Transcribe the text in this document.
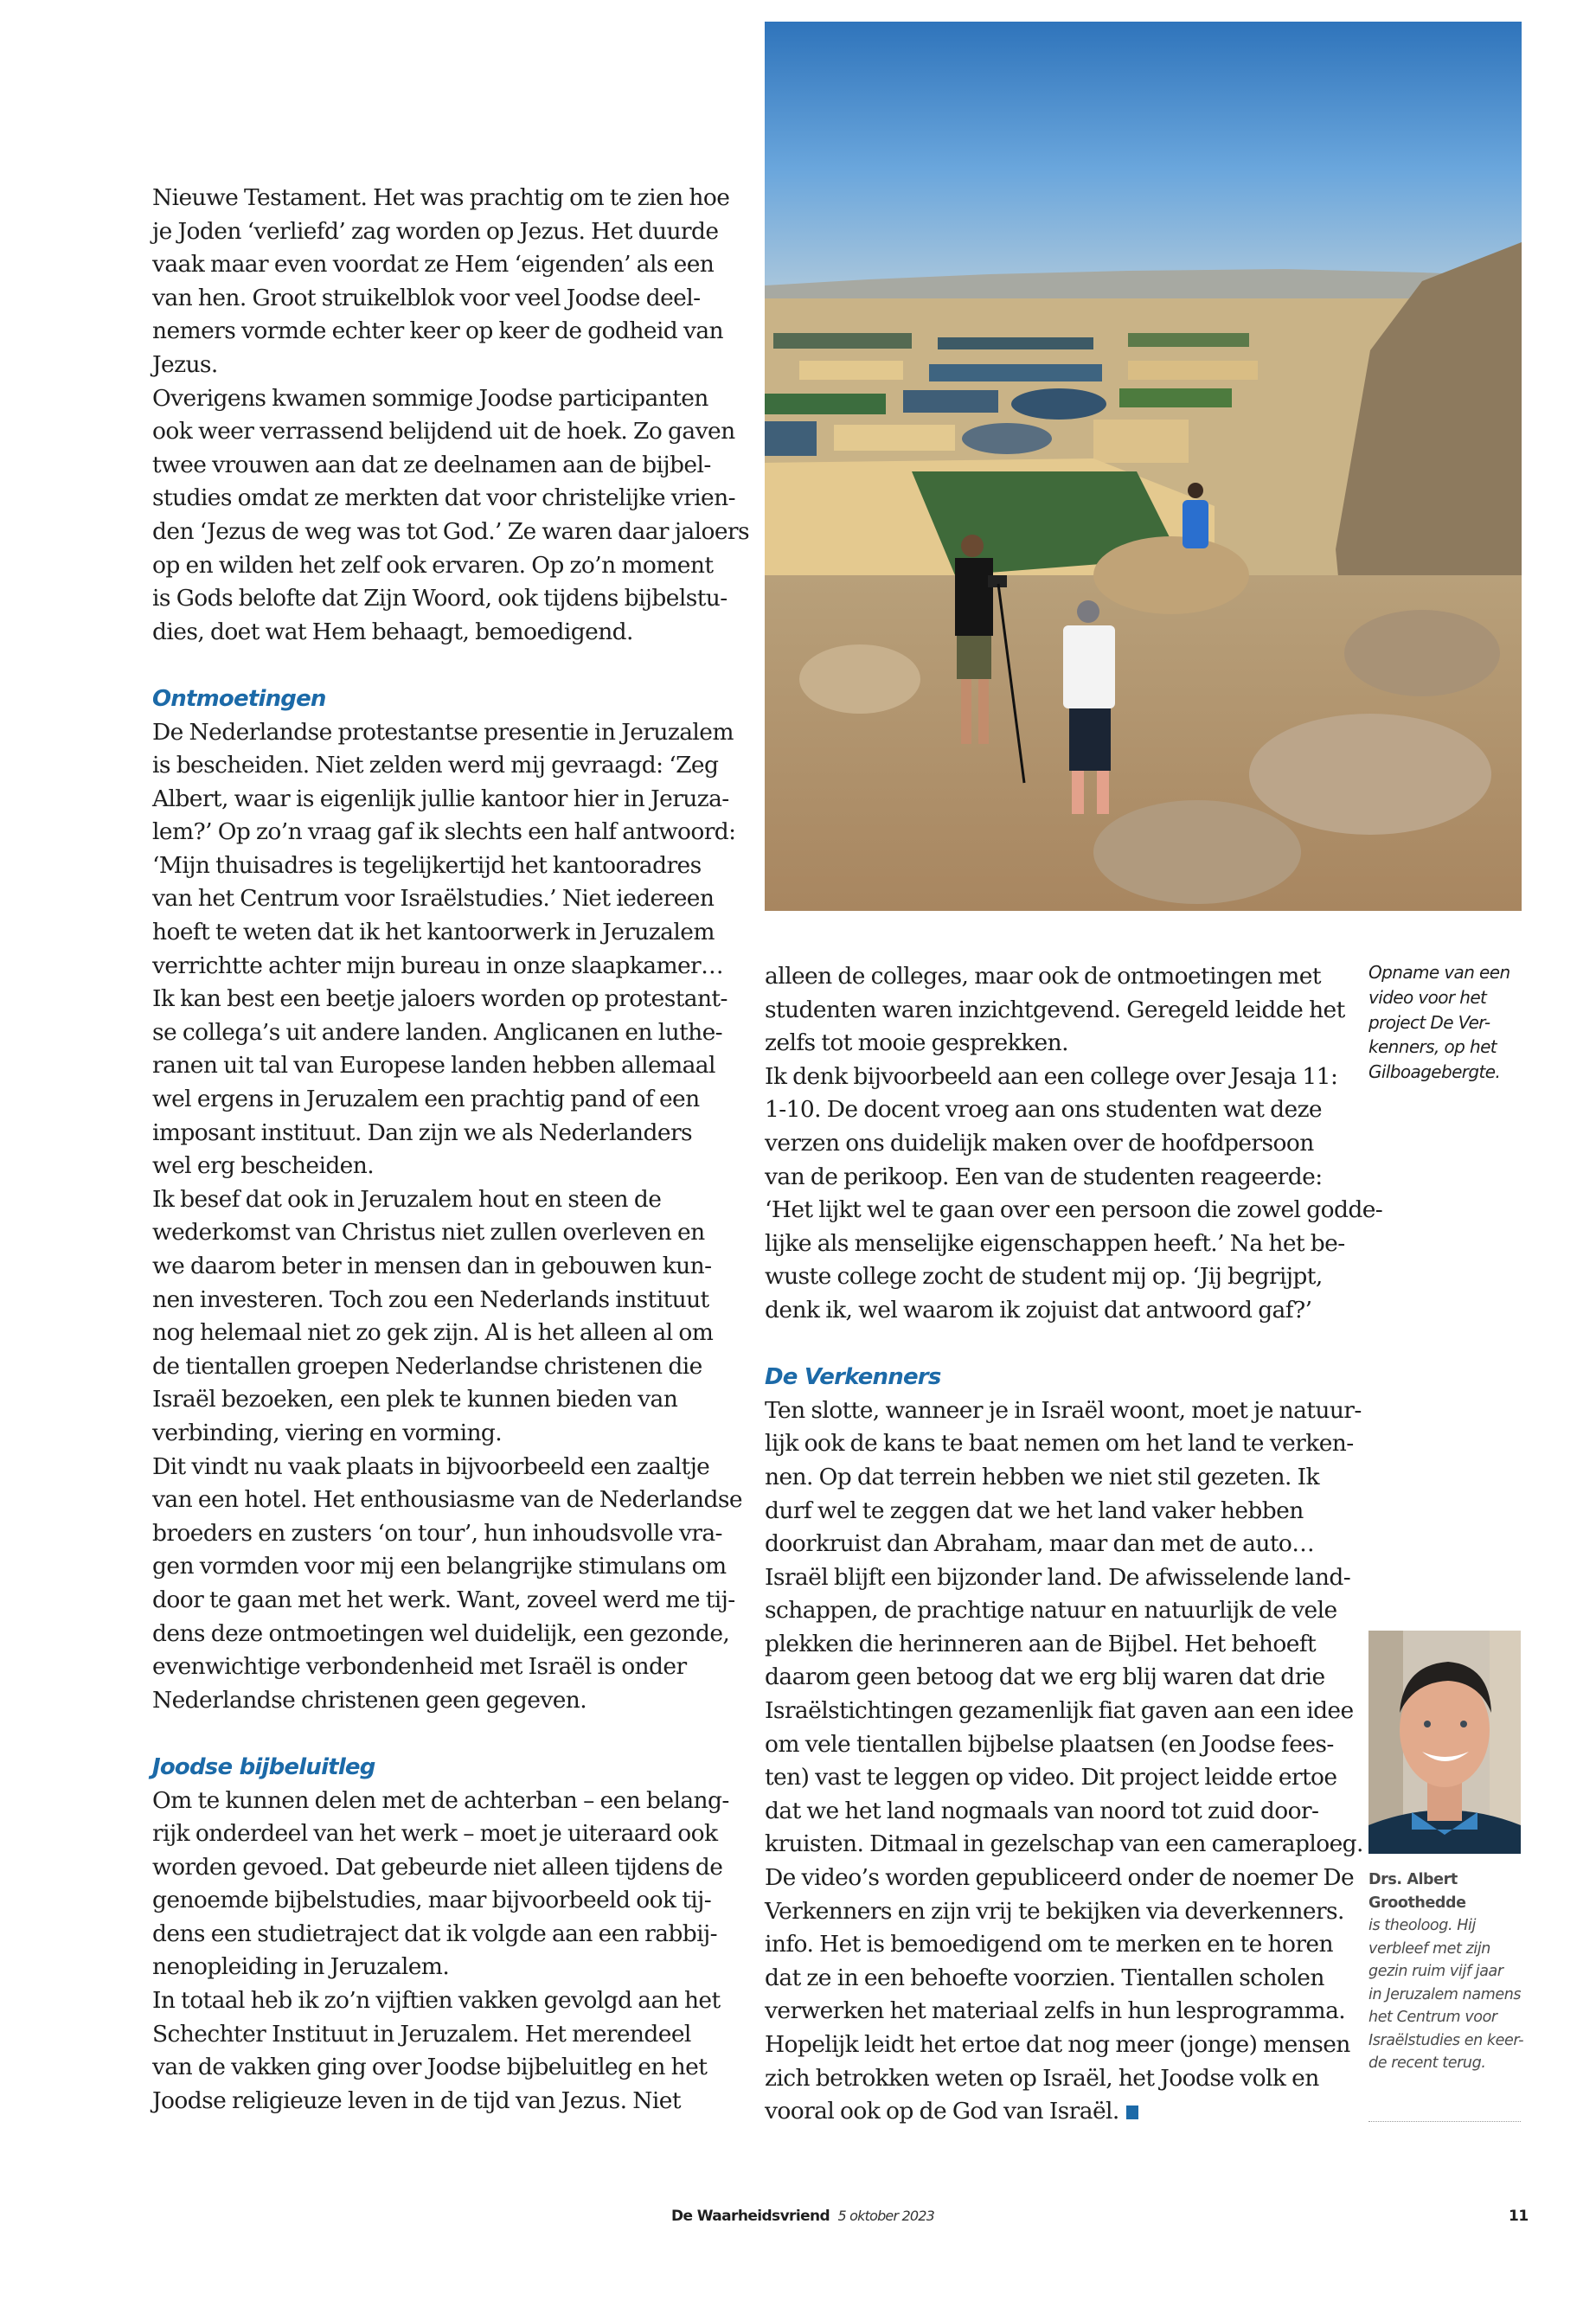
Nieuwe Testament. Het was prachtig om te zien hoe
je Joden ‘verliefd’ zag worden op Jezus. Het duurde
vaak maar even voordat ze Hem ‘eigenden’ als een
van hen. Groot struikelblok voor veel Joodse deel-
nemers vormde echter keer op keer de godheid van
Jezus.
Overigens kwamen sommige Joodse participanten
ook weer verrassend belijdend uit de hoek. Zo gaven
twee vrouwen aan dat ze deelnamen aan de bijbel-
studies omdat ze merkten dat voor christelijke vrien-
den ‘Jezus de weg was tot God.’ Ze waren daar jaloers
op en wilden het zelf ook ervaren. Op zo’n moment
is Gods belofte dat Zijn Woord, ook tijdens bijbelstu-
dies, doet wat Hem behaagt, bemoedigend.
Ontmoetingen
De Nederlandse protestantse presentie in Jeruzalem
is bescheiden. Niet zelden werd mij gevraagd: ‘Zeg
Albert, waar is eigenlijk jullie kantoor hier in Jeruza-
lem?’ Op zo’n vraag gaf ik slechts een half antwoord:
‘Mijn thuisadres is tegelijkertijd het kantooradres
van het Centrum voor Israëlstudies.’ Niet iedereen
hoeft te weten dat ik het kantoorwerk in Jeruzalem
verrichtte achter mijn bureau in onze slaapkamer…
Ik kan best een beetje jaloers worden op protestant-
se collega’s uit andere landen. Anglicanen en luthe-
ranen uit tal van Europese landen hebben allemaal
wel ergens in Jeruzalem een prachtig pand of een
imposant instituut. Dan zijn we als Nederlanders
wel erg bescheiden.
Ik besef dat ook in Jeruzalem hout en steen de
wederkomst van Christus niet zullen overleven en
we daarom beter in mensen dan in gebouwen kun-
nen investeren. Toch zou een Nederlands instituut
nog helemaal niet zo gek zijn. Al is het alleen al om
de tientallen groepen Nederlandse christenen die
Israël bezoeken, een plek te kunnen bieden van
verbinding, viering en vorming.
Dit vindt nu vaak plaats in bijvoorbeeld een zaaltje
van een hotel. Het enthousiasme van de Nederlandse
broeders en zusters ‘on tour’, hun inhoudsvolle vra-
gen vormden voor mij een belangrijke stimulans om
door te gaan met het werk. Want, zoveel werd me tij-
dens deze ontmoetingen wel duidelijk, een gezonde,
evenwichtige verbondenheid met Israël is onder
Nederlandse christenen geen gegeven.
Joodse bijbeluitleg
Om te kunnen delen met de achterban – een belang-
rijk onderdeel van het werk – moet je uiteraard ook
worden gevoed. Dat gebeurde niet alleen tijdens de
genoemde bijbelstudies, maar bijvoorbeeld ook tij-
dens een studietraject dat ik volgde aan een rabbij-
nenopleiding in Jeruzalem.
In totaal heb ik zo’n vijftien vakken gevolgd aan het
Schechter Instituut in Jeruzalem. Het merendeel
van de vakken ging over Joodse bijbeluitleg en het
Joodse religieuze leven in de tijd van Jezus. Niet
Opname van een
video voor het
project De Ver-
kenners, op het
Gilboagebergte.
alleen de colleges, maar ook de ontmoetingen met
studenten waren inzichtgevend. Geregeld leidde het
zelfs tot mooie gesprekken.
Ik denk bijvoorbeeld aan een college over Jesaja 11:
1-10. De docent vroeg aan ons studenten wat deze
verzen ons duidelijk maken over de hoofdpersoon
van de perikoop. Een van de studenten reageerde:
‘Het lijkt wel te gaan over een persoon die zowel godde-
lijke als menselijke eigenschappen heeft.’ Na het be-
wuste college zocht de student mij op. ‘Jij begrijpt,
denk ik, wel waarom ik zojuist dat antwoord gaf?’
De Verkenners
Ten slotte, wanneer je in Israël woont, moet je natuur-
lijk ook de kans te baat nemen om het land te verken-
nen. Op dat terrein hebben we niet stil gezeten. Ik
durf wel te zeggen dat we het land vaker hebben
doorkruist dan Abraham, maar dan met de auto…
Israël blijft een bijzonder land. De afwisselende land-
schappen, de prachtige natuur en natuurlijk de vele
plekken die herinneren aan de Bijbel. Het behoeft
daarom geen betoog dat we erg blij waren dat drie
Israëlstichtingen gezamenlijk fiat gaven aan een idee
om vele tientallen bijbelse plaatsen (en Joodse fees-
ten) vast te leggen op video. Dit project leidde ertoe
dat we het land nogmaals van noord tot zuid door-
kruisten. Ditmaal in gezelschap van een cameraploeg.
De video’s worden gepubliceerd onder de noemer De
Verkenners en zijn vrij te bekijken via deverkenners.
info. Het is bemoedigend om te merken en te horen
dat ze in een behoefte voorzien. Tientallen scholen
verwerken het materiaal zelfs in hun lesprogramma.
Hopelijk leidt het ertoe dat nog meer (jonge) mensen
zich betrokken weten op Israël, het Joodse volk en
vooral ook op de God van Israël.
Drs. Albert
Groothedde
is theoloog. Hij
verbleef met zijn
gezin ruim vijf jaar
in Jeruzalem namens
het Centrum voor
Israëlstudies en keer-
de recent terug.
De Waarheidsvriend 5 oktober 2023	11
